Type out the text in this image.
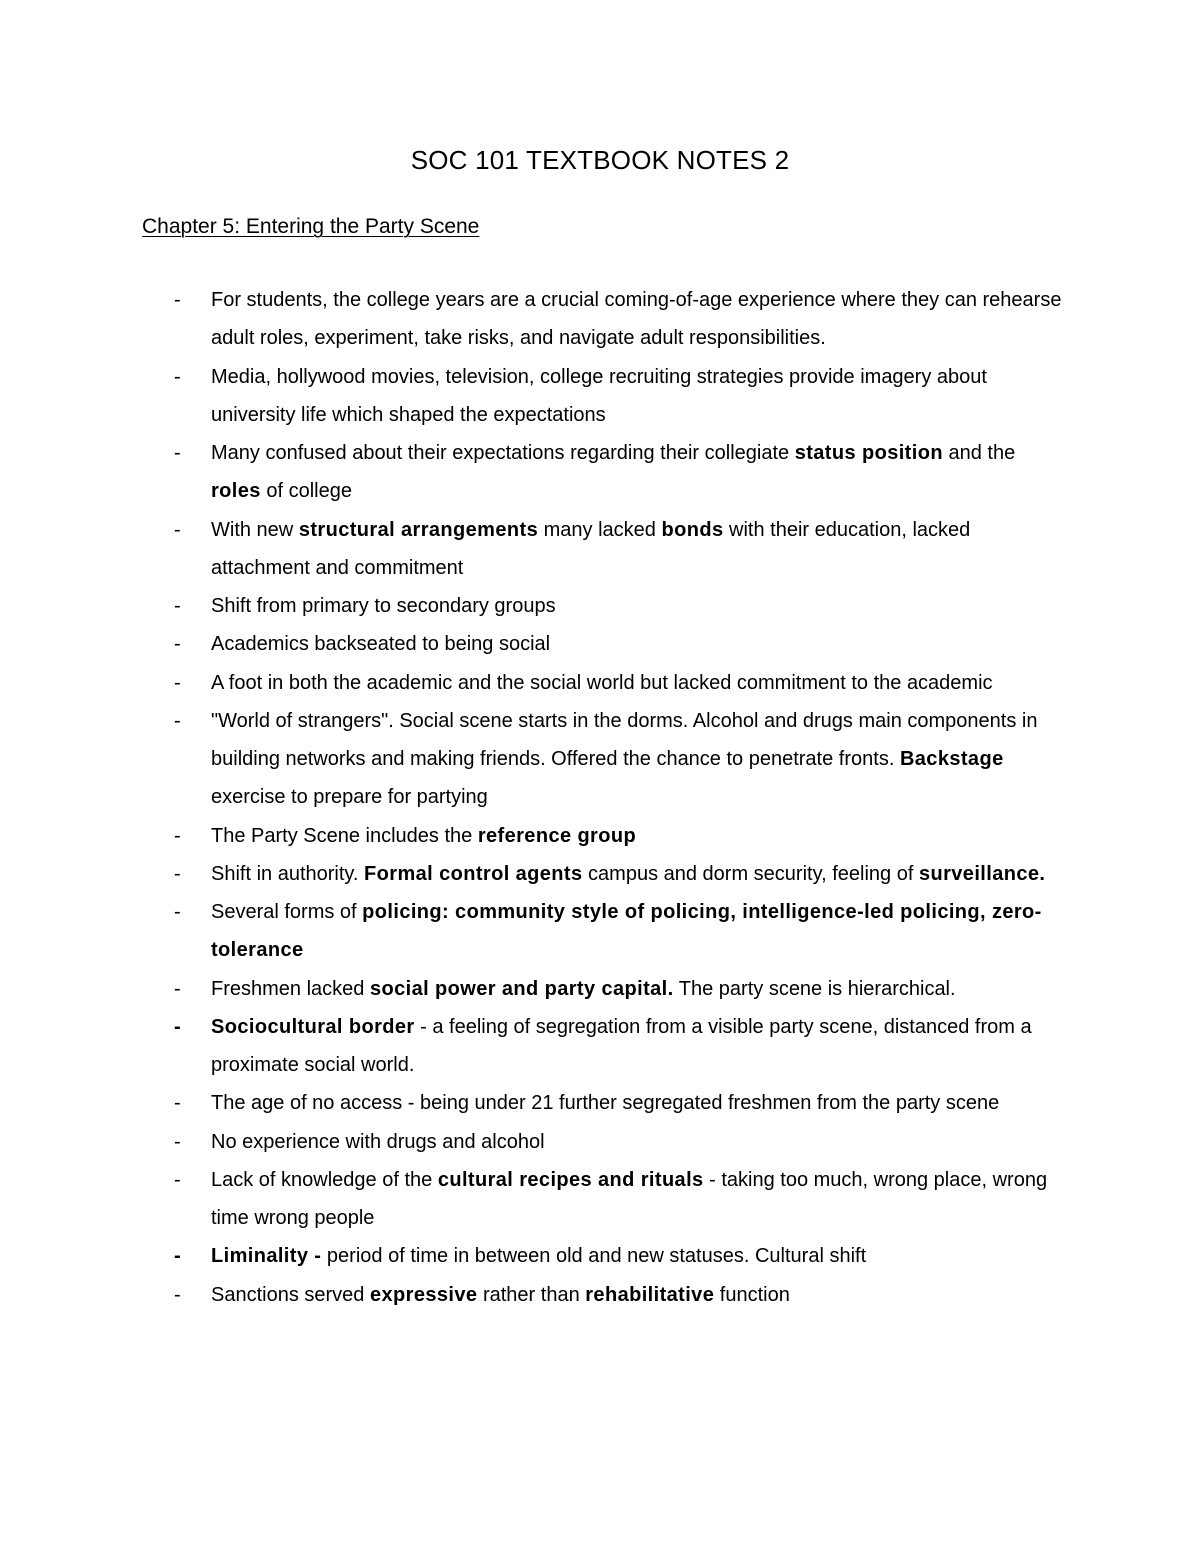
SOC 101 TEXTBOOK NOTES 2
Chapter 5: Entering the Party Scene
-	For students, the college years are a crucial coming-of-age experience where they can rehearse adult roles, experiment, take risks, and navigate adult responsibilities.
-	Media, hollywood movies, television, college recruiting strategies provide imagery about university life which shaped the expectations
-	Many confused about their expectations regarding their collegiate status position and the roles of college
-	With new structural arrangements many lacked bonds with their education, lacked attachment and commitment
-	Shift from primary to secondary groups
-	Academics backseated to being social
-	A foot in both the academic and the social world but lacked commitment to the academic
-	"World of strangers". Social scene starts in the dorms. Alcohol and drugs main components in building networks and making friends. Offered the chance to penetrate fronts. Backstage exercise to prepare for partying
-	The Party Scene includes the reference group
-	Shift in authority. Formal control agents campus and dorm security, feeling of surveillance.
-	Several forms of policing: community style of policing, intelligence-led policing, zero-tolerance
-	Freshmen lacked social power and party capital. The party scene is hierarchical.
-	Sociocultural border - a feeling of segregation from a visible party scene, distanced from a proximate social world.
-	The age of no access - being under 21 further segregated freshmen from the party scene
-	No experience with drugs and alcohol
-	Lack of knowledge of the cultural recipes and rituals - taking too much, wrong place, wrong time wrong people
-	Liminality - period of time in between old and new statuses. Cultural shift
-	Sanctions served expressive rather than rehabilitative function
